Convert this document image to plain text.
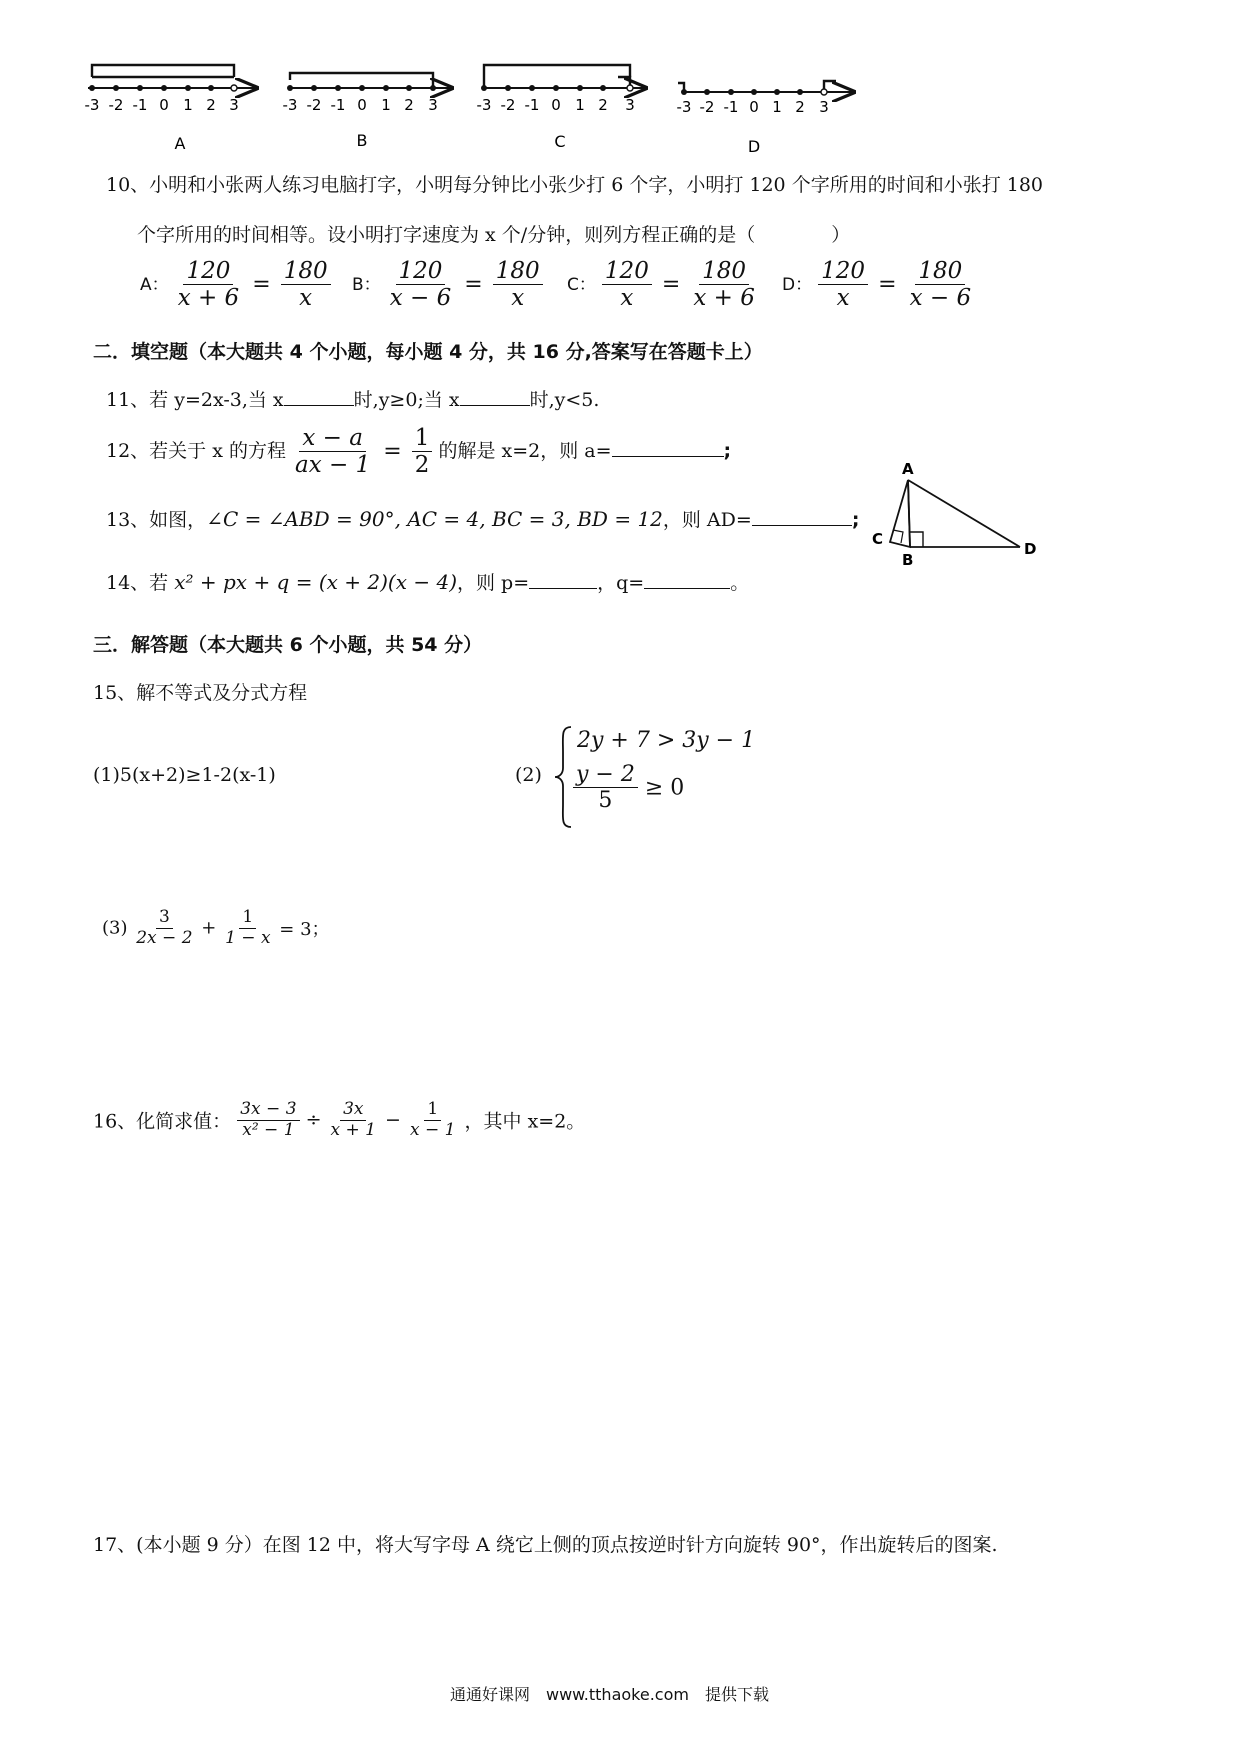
-3 -2 -1 0 1 2 3
A
-3 -2 -1 0 1 2 3
B
-3 -2 -1 0 1 2 3
C
-3 -2 -1 0 1 2 3
D
10、小明和小张两人练习电脑打字，小明每分钟比小张少打 6 个字，小明打 120 个字所用的时间和小张打 180
个字所用的时间相等。设小明打字速度为 x 个/分钟，则列方程正确的是（　　　　）
A： $\frac{120}{x + 6} = \frac{180}{x}$ B： $\frac{120}{x - 6} = \frac{180}{x}$ C： $\frac{120}{x} = \frac{180}{x + 6}$ D： $\frac{120}{x} = \frac{180}{x - 6}$
二．填空题（本大题共 4 个小题，每小题 4 分，共 16 分,答案写在答题卡上）
11、若 y=2x-3,当 x	时,y≥0;当 x	时,y<5.
12、若关于 x 的方程 $\frac{x - a}{ax - 1} = \frac{1}{2}$ 的解是 x=2，则 a=	;
13、如图，∠C = ∠ABD = 90°, AC = 4, BC = 3, BD = 12，则 AD=	;
A
C
B
D
14、若 x² + px + q = (x + 2)(x − 4)，则 p=	，q=	。
三．解答题（本大题共 6 个小题，共 54 分）
15、解不等式及分式方程
(1)5(x+2)≥1-2(x-1)	(2)
2y + 7 > 3y − 1
$\frac{y - 2}{5} \ge 0$
$(3) \frac{3}{2x - 2} + \frac{1}{1 - x} = 3$；
16、化简求值： $\frac{3x - 3}{\text{x² − 1}} \div \frac{3x}{x + 1} - \frac{1}{x - 1}$ ，其中 x=2。
17、(本小题 9 分）在图 12 中，将大写字母 A 绕它上侧的顶点按逆时针方向旋转 90°，作出旋转后的图案.
通通好课网　www.tthaoke.com　提供下载
